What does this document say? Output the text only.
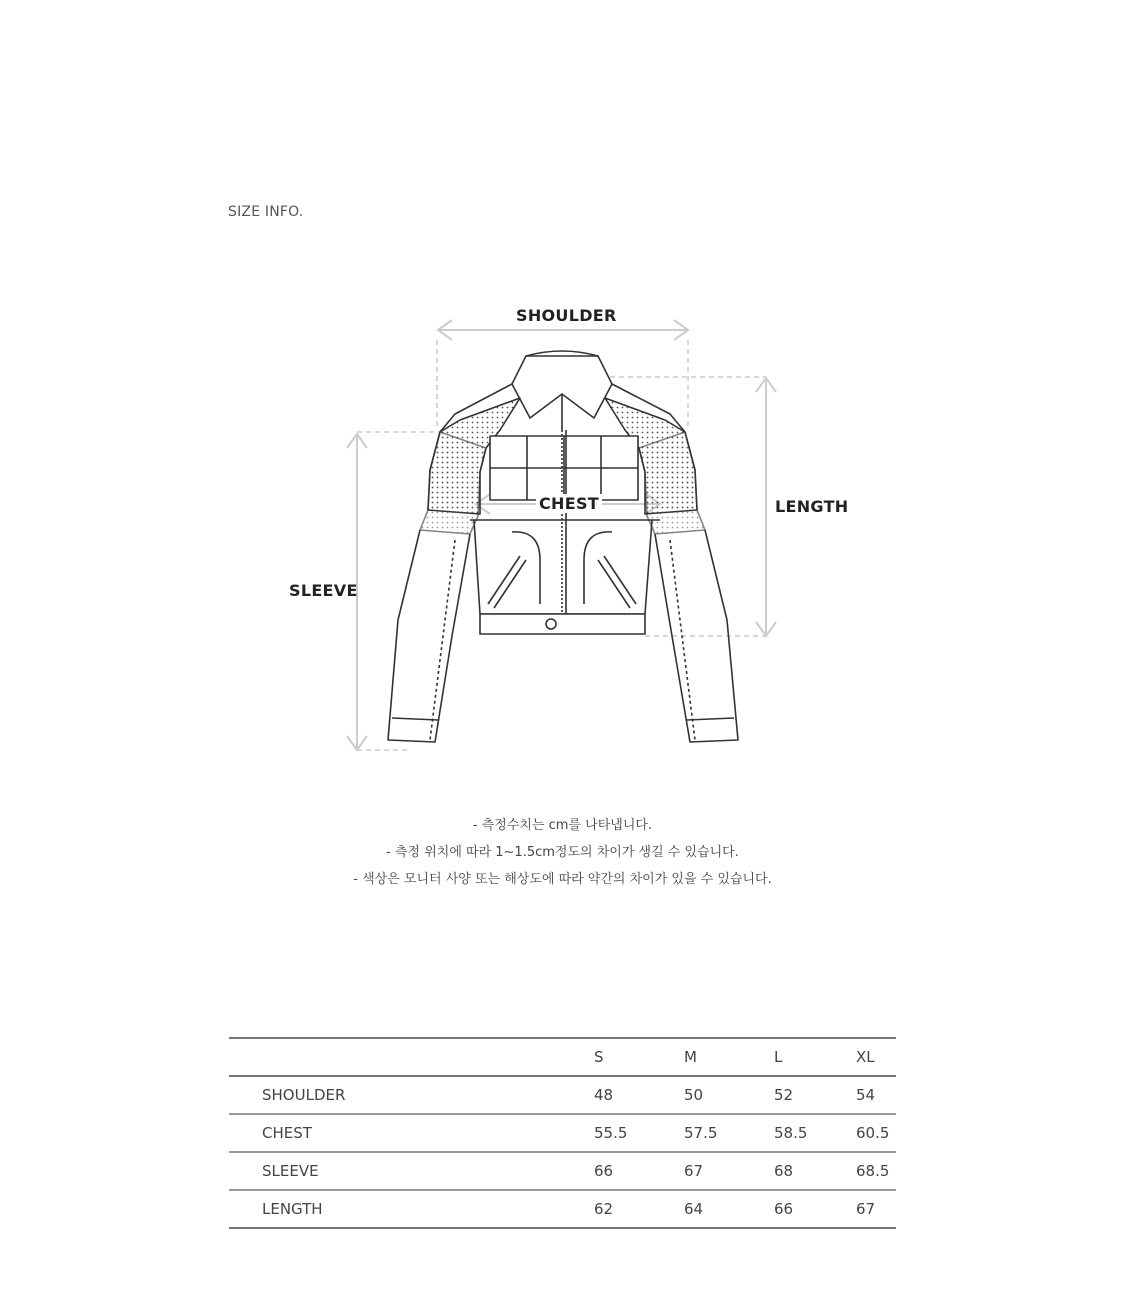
SIZE INFO.
SHOULDER
CHEST	LENGTH
SLEEVE
- 측정수치는 cm를 나타냅니다.
- 측정 위치에 따라 1~1.5cm정도의 차이가 생길 수 있습니다.
- 색상은 모니터 사양 또는 해상도에 따라 약간의 차이가 있을 수 있습니다.
	S	M	L	XL
SHOULDER	48	50	52	54
CHEST	55.5	57.5	58.5	60.5
SLEEVE	66	67	68	68.5
LENGTH	62	64	66	67
